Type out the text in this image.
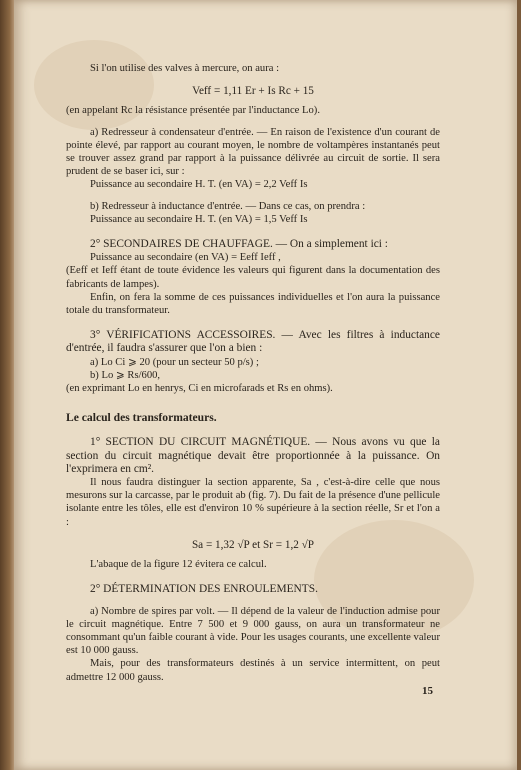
Si l'on utilise des valves à mercure, on aura :

Veff = 1,11 Er + Is Rc + 15

(en appelant Rc la résistance présentée par l'inductance Lo).

a) Redresseur à condensateur d'entrée. — En raison de l'existence d'un courant de pointe élevé, par rapport au courant moyen, le nombre de voltampères instantanés peut se trouver assez grand par rapport à la puissance délivrée au circuit de sortie. Il sera prudent de se baser ici, sur :

Puissance au secondaire H. T. (en VA) = 2,2 Veff Is

b) Redresseur à inductance d'entrée. — Dans ce cas, on prendra :

Puissance au secondaire H. T. (en VA) = 1,5 Veff Is

2° SECONDAIRES DE CHAUFFAGE. — On a simplement ici :

Puissance au secondaire (en VA) = Eeff Ieff ,

(Eeff et Ieff étant de toute évidence les valeurs qui figurent dans la documentation des fabricants de lampes).

Enfin, on fera la somme de ces puissances individuelles et l'on aura la puissance totale du transformateur.

3° VÉRIFICATIONS ACCESSOIRES. — Avec les filtres à inductance d'entrée, il faudra s'assurer que l'on a bien :

a) Lo Ci ⩾ 20 (pour un secteur 50 p/s) ;

b) Lo ⩾ Rs/600,

(en exprimant Lo en henrys, Ci en microfarads et Rs en ohms).

Le calcul des transformateurs.

1° SECTION DU CIRCUIT MAGNÉTIQUE. — Nous avons vu que la section du circuit magnétique devait être proportionnée à la puissance. On l'exprimera en cm².

Il nous faudra distinguer la section apparente, Sa , c'est-à-dire celle que nous mesurons sur la carcasse, par le produit ab (fig. 7). Du fait de la présence d'une pellicule isolante entre les tôles, elle est d'environ 10 % supérieure à la section réelle, Sr et l'on a :

Sa = 1,32 √P et Sr = 1,2 √P

L'abaque de la figure 12 évitera ce calcul.

2° DÉTERMINATION DES ENROULEMENTS.

a) Nombre de spires par volt. — Il dépend de la valeur de l'induction admise pour le circuit magnétique. Entre 7 500 et 9 000 gauss, on aura un transformateur ne consommant qu'un faible courant à vide. Pour les usages courants, une excellente valeur est 10 000 gauss.

Mais, pour des transformateurs destinés à un service intermittent, on peut admettre 12 000 gauss.

15
